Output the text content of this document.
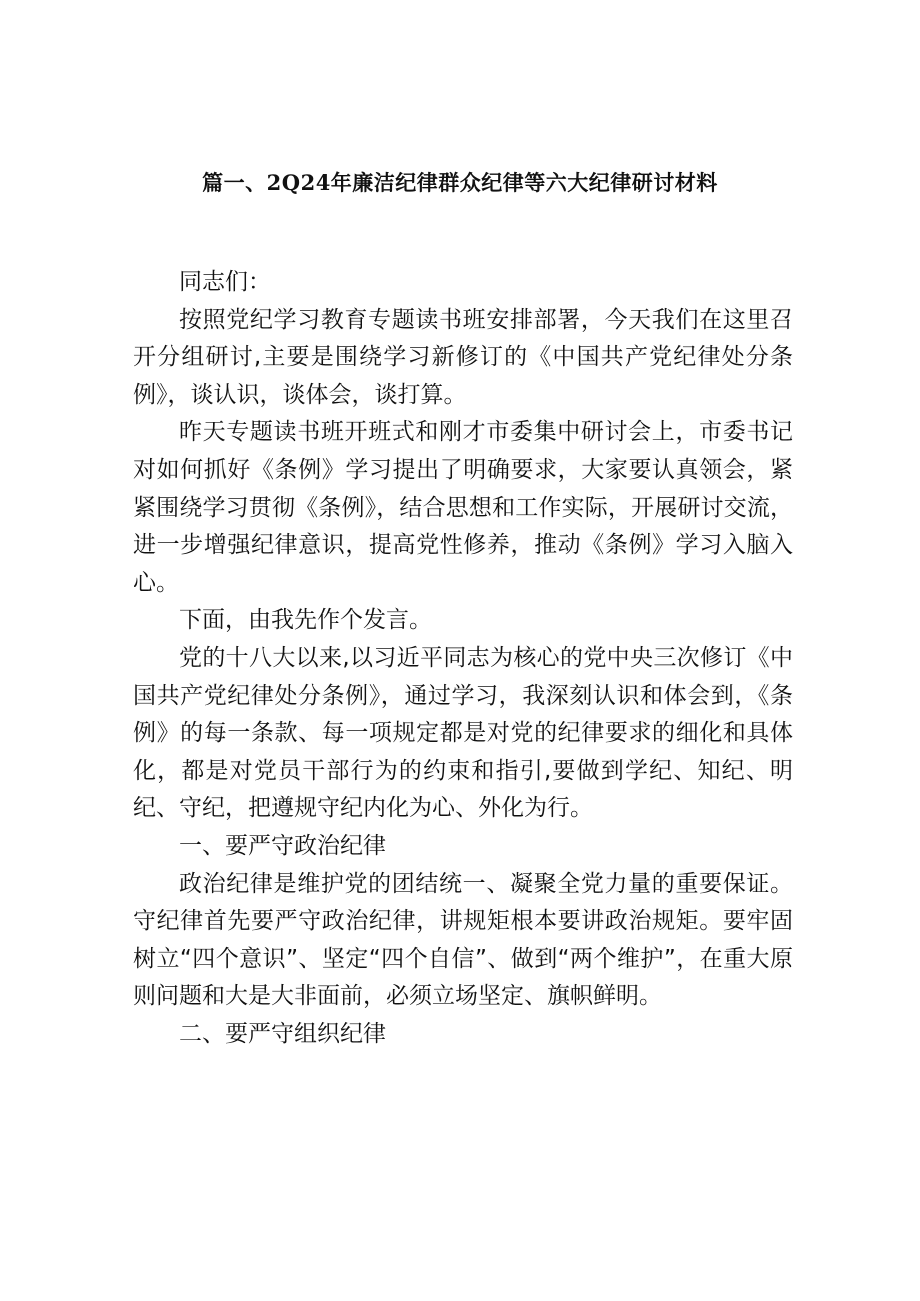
篇一、2Q24年廉洁纪律群众纪律等六大纪律研讨材料

同志们：

按照党纪学习教育专题读书班安排部署，今天我们在这里召开分组研讨,主要是围绕学习新修订的《中国共产党纪律处分条例》，谈认识，谈体会，谈打算。

昨天专题读书班开班式和刚才市委集中研讨会上，市委书记对如何抓好《条例》学习提出了明确要求，大家要认真领会，紧紧围绕学习贯彻《条例》，结合思想和工作实际，开展研讨交流，进一步增强纪律意识，提高党性修养，推动《条例》学习入脑入心。

下面，由我先作个发言。

党的十八大以来,以习近平同志为核心的党中央三次修订《中国共产党纪律处分条例》，通过学习，我深刻认识和体会到，《条例》的每一条款、每一项规定都是对党的纪律要求的细化和具体化，都是对党员干部行为的约束和指引,要做到学纪、知纪、明纪、守纪，把遵规守纪内化为心、外化为行。

一、要严守政治纪律

政治纪律是维护党的团结统一、凝聚全党力量的重要保证。守纪律首先要严守政治纪律，讲规矩根本要讲政治规矩。要牢固树立“四个意识”、坚定“四个自信”、做到“两个维护”，在重大原则问题和大是大非面前，必须立场坚定、旗帜鲜明。

二、要严守组织纪律
